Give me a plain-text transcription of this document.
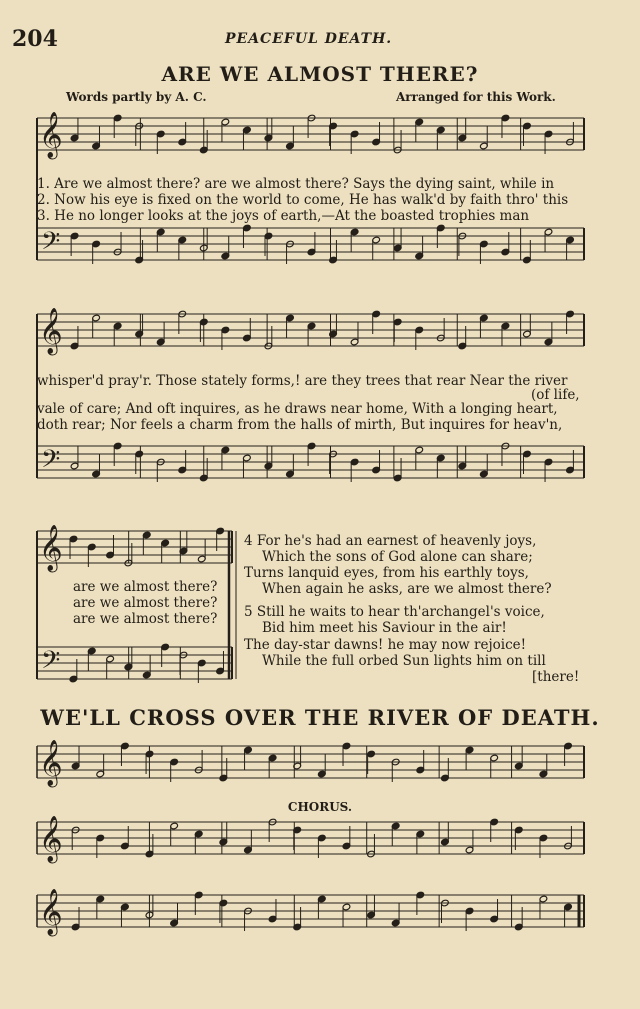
𝄞
𝄢
𝄞
𝄢
𝄞
𝄢
𝄞
𝄞
𝄞
204	PEACEFUL DEATH.
ARE WE ALMOST THERE?
Words partly by A. C.	Arranged for this Work.
1. Are we almost there? are we almost there? Says the dying saint, while in
2. Now his eye is fixed on the world to come, He has walk'd by faith thro' this
3. He no longer looks at the joys of earth,—At the boasted trophies man
whisper'd pray'r. Those stately forms,! are they trees that rear Near the river
(of life,
vale of care; And oft inquires, as he draws near home, With a longing heart,
doth rear; Nor feels a charm from the halls of mirth, But inquires for heav'n,
are we almost there?
are we almost there?
are we almost there?
4 For he's had an earnest of heavenly joys,
Which the sons of God alone can share;
Turns lanquid eyes, from his earthly toys,
When again he asks, are we almost there?
5 Still he waits to hear th'archangel's voice,
Bid him meet his Saviour in the air!
The day-star dawns! he may now rejoice!
While the full orbed Sun lights him on till
[there!
WE'LL CROSS OVER THE RIVER OF DEATH.
CHORUS.
